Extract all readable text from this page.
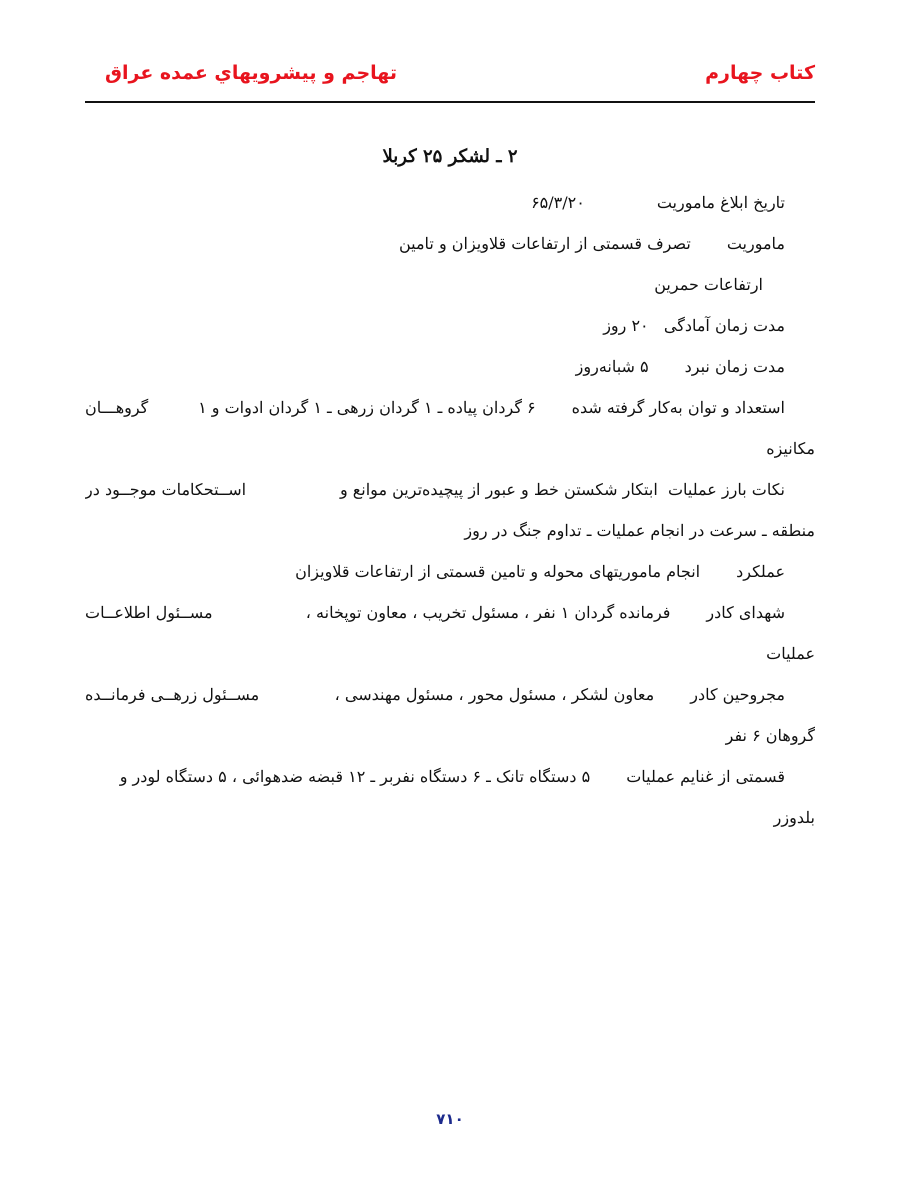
كتاب چهارم
تهاجم و پيشرويهاي عمده عراق
۲ ـ لشکر ۲۵ کربلا
تاریخ ابلاغ ماموریت۶۵/۳/۲۰
ماموریتتصرف قسمتی از ارتفاعات قلاویزان و تامین
ارتفاعات حمرین
مدت زمان آمادگی   ۲۰ روز
مدت زمان نبرد۵ شبانه‌روز
استعداد و توان به‌کار گرفته شده۶ گردان پیاده ـ ۱ گردان زرهی ـ ۱ گردان ادوات و ۱
گروهـــان
مکانیزه
نکات بارز عملیات  ابتکار شکستن خط و عبور از پیچیده‌ترین موانع و
اســتحکامات موجــود در
منطقه ـ سرعت در انجام عملیات ـ تداوم جنگ در روز
عملکردانجام ماموریتهای محوله و تامین قسمتی از ارتفاعات قلاویزان
شهدای کادرفرمانده گردان ۱ نفر ، مسئول تخریب ، معاون توپخانه ،
مســئول اطلاعــات
عملیات
مجروحین کادرمعاون لشکر ، مسئول محور ، مسئول مهندسی ،
مســئول زرهــی فرمانــده
گروهان ۶ نفر
قسمتی از غنایم عملیات۵ دستگاه تانک ـ ۶ دستگاه نفربر ـ ۱۲ قبضه ضدهوائی ، ۵ دستگاه لودر و
بلدوزر
۷۱۰
